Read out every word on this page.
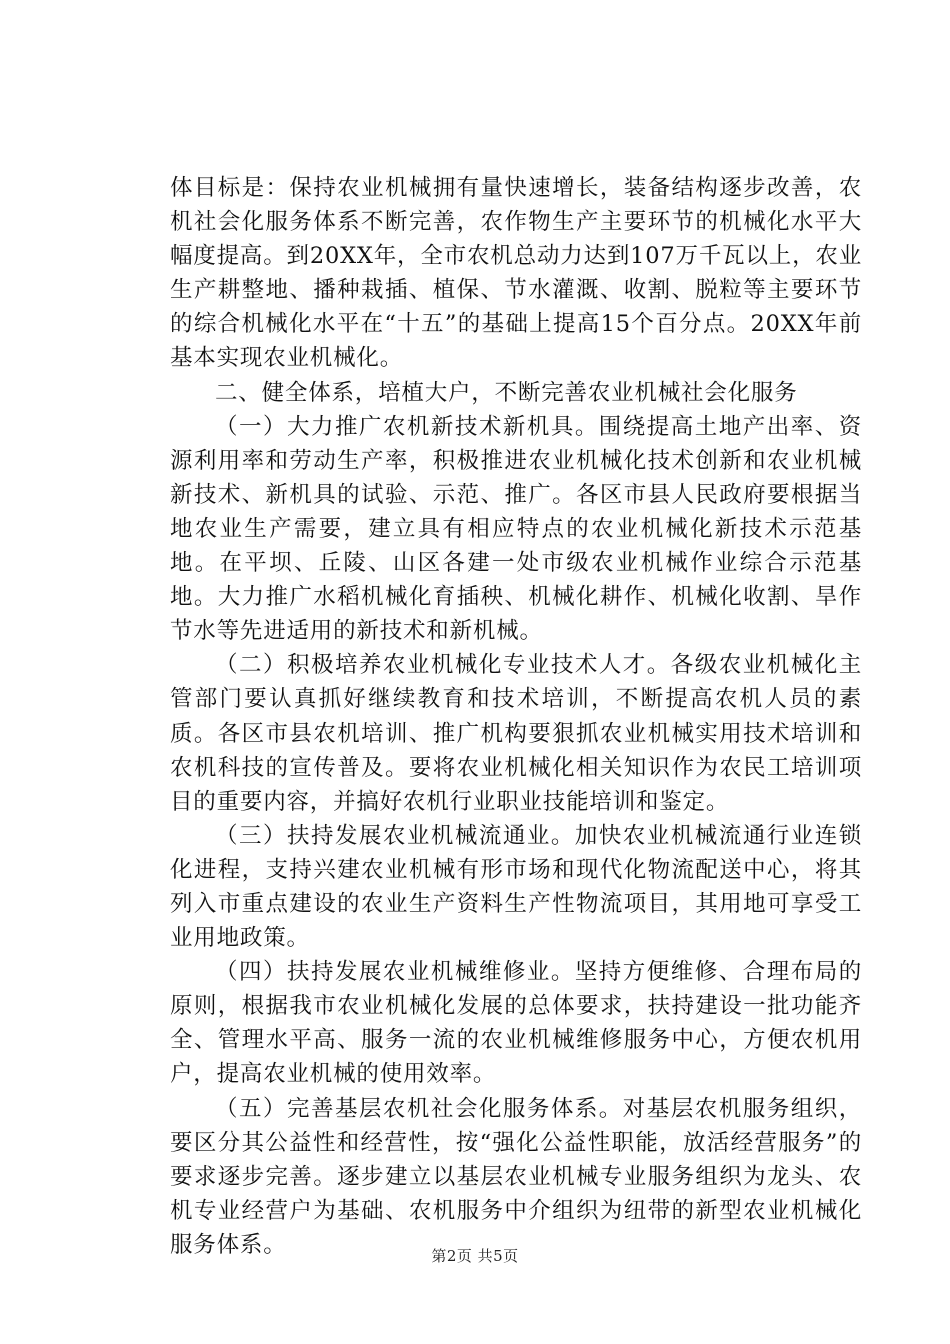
体目标是：保持农业机械拥有量快速增长，装备结构逐步改善，农机社会化服务体系不断完善，农作物生产主要环节的机械化水平大幅度提高。到20XX年，全市农机总动力达到107万千瓦以上，农业生产耕整地、播种栽插、植保、节水灌溉、收割、脱粒等主要环节的综合机械化水平在“十五”的基础上提高15个百分点。20XX年前基本实现农业机械化。

二、健全体系，培植大户，不断完善农业机械社会化服务

（一）大力推广农机新技术新机具。围绕提高土地产出率、资源利用率和劳动生产率，积极推进农业机械化技术创新和农业机械新技术、新机具的试验、示范、推广。各区市县人民政府要根据当地农业生产需要，建立具有相应特点的农业机械化新技术示范基地。在平坝、丘陵、山区各建一处市级农业机械作业综合示范基地。大力推广水稻机械化育插秧、机械化耕作、机械化收割、旱作节水等先进适用的新技术和新机械。

（二）积极培养农业机械化专业技术人才。各级农业机械化主管部门要认真抓好继续教育和技术培训，不断提高农机人员的素质。各区市县农机培训、推广机构要狠抓农业机械实用技术培训和农机科技的宣传普及。要将农业机械化相关知识作为农民工培训项目的重要内容，并搞好农机行业职业技能培训和鉴定。

（三）扶持发展农业机械流通业。加快农业机械流通行业连锁化进程，支持兴建农业机械有形市场和现代化物流配送中心，将其列入市重点建设的农业生产资料生产性物流项目，其用地可享受工业用地政策。

（四）扶持发展农业机械维修业。坚持方便维修、合理布局的原则，根据我市农业机械化发展的总体要求，扶持建设一批功能齐全、管理水平高、服务一流的农业机械维修服务中心，方便农机用户，提高农业机械的使用效率。

（五）完善基层农机社会化服务体系。对基层农机服务组织，要区分其公益性和经营性，按“强化公益性职能，放活经营服务”的要求逐步完善。逐步建立以基层农业机械专业服务组织为龙头、农机专业经营户为基础、农机服务中介组织为纽带的新型农业机械化服务体系。	第2页 共5页
